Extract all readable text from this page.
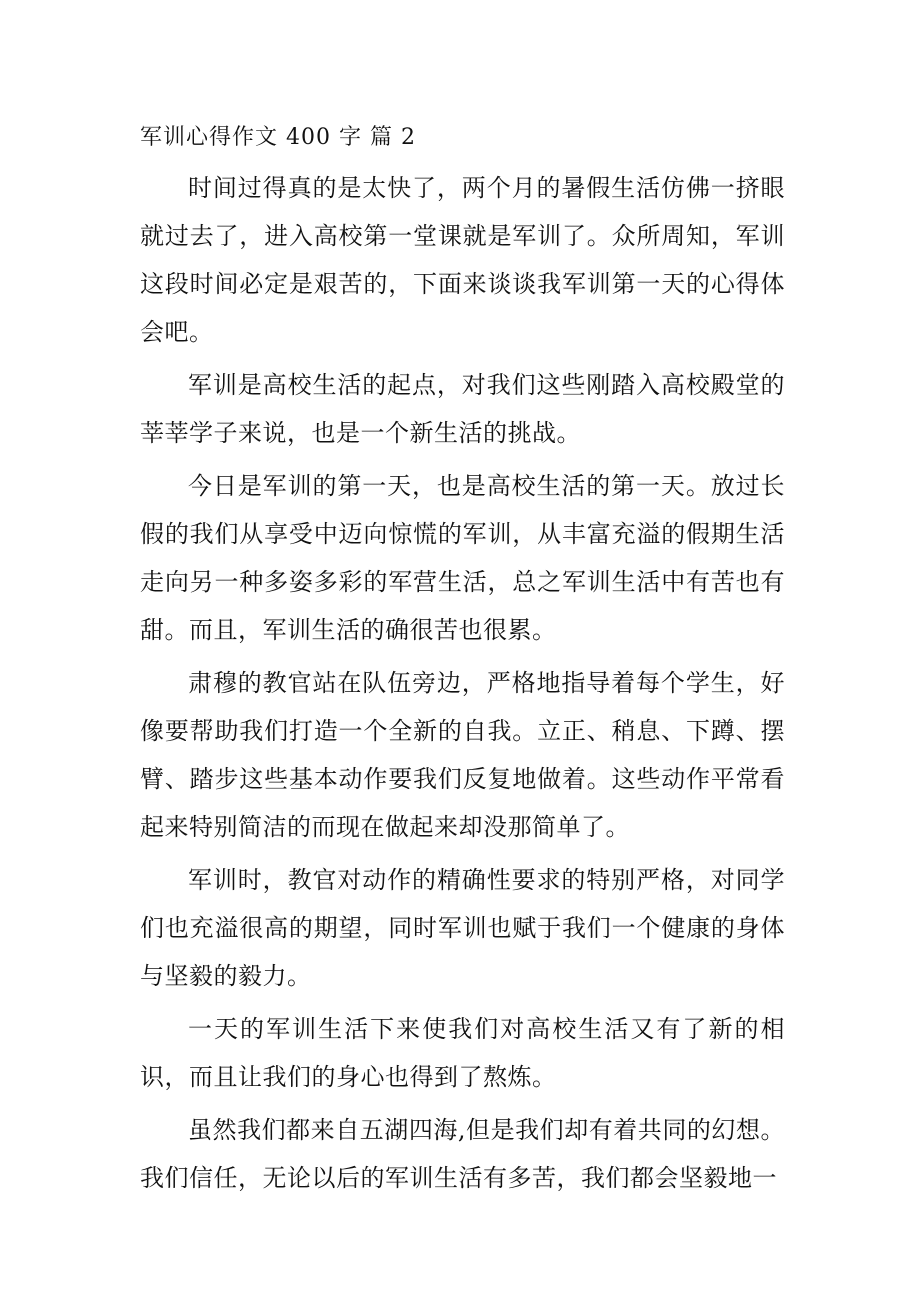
军训心得作文 400 字 篇 2

时间过得真的是太快了，两个月的暑假生活仿佛一挤眼就过去了，进入高校第一堂课就是军训了。众所周知，军训这段时间必定是艰苦的，下面来谈谈我军训第一天的心得体会吧。

军训是高校生活的起点，对我们这些刚踏入高校殿堂的莘莘学子来说，也是一个新生活的挑战。

今日是军训的第一天，也是高校生活的第一天。放过长假的我们从享受中迈向惊慌的军训，从丰富充溢的假期生活走向另一种多姿多彩的军营生活，总之军训生活中有苦也有甜。而且，军训生活的确很苦也很累。

肃穆的教官站在队伍旁边，严格地指导着每个学生，好像要帮助我们打造一个全新的自我。立正、稍息、下蹲、摆臂、踏步这些基本动作要我们反复地做着。这些动作平常看起来特别简洁的而现在做起来却没那简单了。

军训时，教官对动作的精确性要求的特别严格，对同学们也充溢很高的期望，同时军训也赋于我们一个健康的身体与坚毅的毅力。

一天的军训生活下来使我们对高校生活又有了新的相识，而且让我们的身心也得到了熬炼。

虽然我们都来自五湖四海,但是我们却有着共同的幻想。我们信任，无论以后的军训生活有多苦，我们都会坚毅地一
